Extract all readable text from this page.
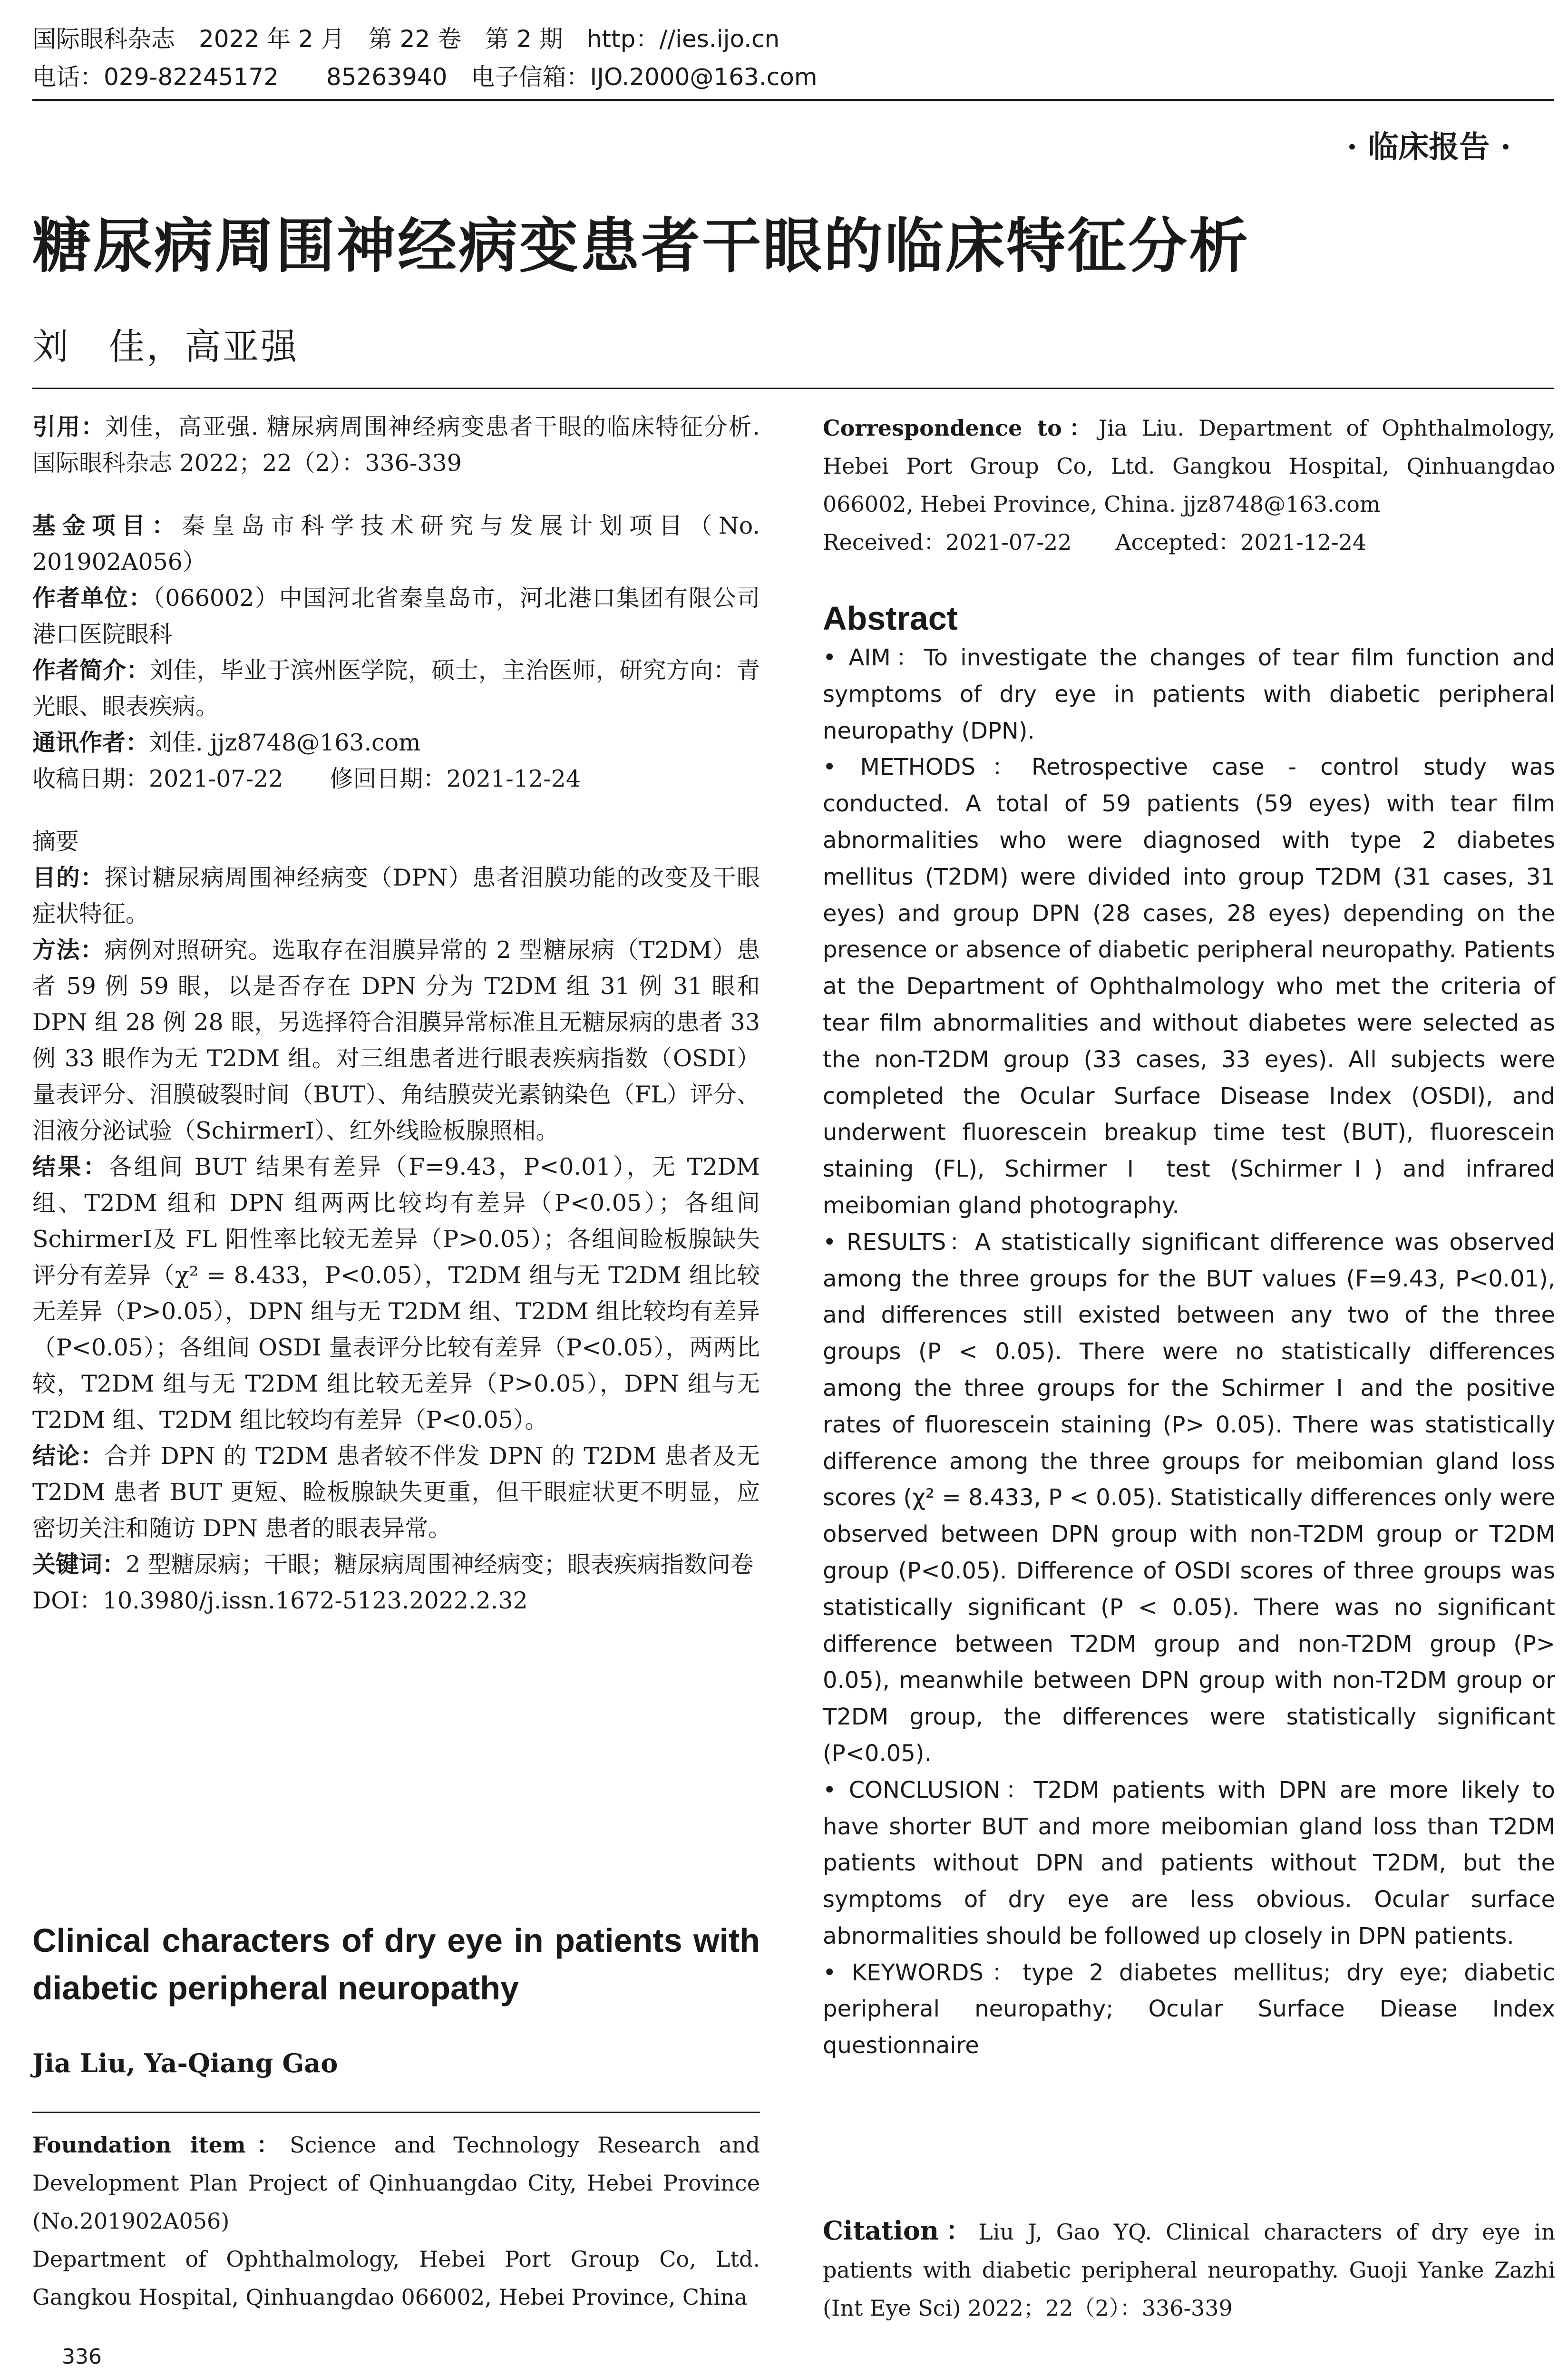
国际眼科杂志　2022 年 2 月　第 22 卷　第 2 期　http：//ies.ijo.cn
电话：029-82245172　　85263940　电子信箱：IJO.2000@163.com
· 临床报告 ·
糖尿病周围神经病变患者干眼的临床特征分析
刘　佳，高亚强

引用：刘佳，高亚强. 糖尿病周围神经病变患者干眼的临床特征分析. 国际眼科杂志 2022；22（2）：336-339

基金项目：秦皇岛市科学技术研究与发展计划项目（No. 201902A056）

作者单位：（066002）中国河北省秦皇岛市，河北港口集团有限公司港口医院眼科

作者简介：刘佳，毕业于滨州医学院，硕士，主治医师，研究方向：青光眼、眼表疾病。

通讯作者：刘佳. jjz8748@163.com

收稿日期：2021-07-22　　修回日期：2021-12-24

摘要

目的：探讨糖尿病周围神经病变（DPN）患者泪膜功能的改变及干眼症状特征。

方法：病例对照研究。选取存在泪膜异常的 2 型糖尿病（T2DM）患者 59 例 59 眼，以是否存在 DPN 分为 T2DM 组 31 例 31 眼和 DPN 组 28 例 28 眼，另选择符合泪膜异常标准且无糖尿病的患者 33 例 33 眼作为无 T2DM 组。对三组患者进行眼表疾病指数（OSDI）量表评分、泪膜破裂时间（BUT）、角结膜荧光素钠染色（FL）评分、泪液分泌试验（SchirmerⅠ）、红外线睑板腺照相。

结果：各组间 BUT 结果有差异（F=9.43，P<0.01），无 T2DM 组、T2DM 组和 DPN 组两两比较均有差异（P<0.05）；各组间 SchirmerⅠ及 FL 阳性率比较无差异（P>0.05）；各组间睑板腺缺失评分有差异（χ² = 8.433，P<0.05），T2DM 组与无 T2DM 组比较无差异（P>0.05），DPN 组与无 T2DM 组、T2DM 组比较均有差异（P<0.05）；各组间 OSDI 量表评分比较有差异（P<0.05），两两比较，T2DM 组与无 T2DM 组比较无差异（P>0.05），DPN 组与无 T2DM 组、T2DM 组比较均有差异（P<0.05）。

结论：合并 DPN 的 T2DM 患者较不伴发 DPN 的 T2DM 患者及无 T2DM 患者 BUT 更短、睑板腺缺失更重，但干眼症状更不明显，应密切关注和随访 DPN 患者的眼表异常。

关键词：2 型糖尿病；干眼；糖尿病周围神经病变；眼表疾病指数问卷

DOI：10.3980/j.issn.1672-5123.2022.2.32

Clinical characters of dry eye in patients with diabetic peripheral neuropathy

Jia Liu, Ya-Qiang Gao

Foundation item：Science and Technology Research and Development Plan Project of Qinhuangdao City, Hebei Province (No.201902A056)

Department of Ophthalmology, Hebei Port Group Co, Ltd. Gangkou Hospital, Qinhuangdao 066002, Hebei Province, China

Correspondence to：Jia Liu. Department of Ophthalmology, Hebei Port Group Co, Ltd. Gangkou Hospital, Qinhuangdao 066002, Hebei Province, China. jjz8748@163.com

Received：2021-07-22　　Accepted：2021-12-24

Abstract

• AIM：To investigate the changes of tear film function and symptoms of dry eye in patients with diabetic peripheral neuropathy (DPN).

• METHODS：Retrospective case - control study was conducted. A total of 59 patients (59 eyes) with tear film abnormalities who were diagnosed with type 2 diabetes mellitus (T2DM) were divided into group T2DM (31 cases, 31 eyes) and group DPN (28 cases, 28 eyes) depending on the presence or absence of diabetic peripheral neuropathy. Patients at the Department of Ophthalmology who met the criteria of tear film abnormalities and without diabetes were selected as the non-T2DM group (33 cases, 33 eyes). All subjects were completed the Ocular Surface Disease Index (OSDI), and underwent fluorescein breakup time test (BUT), fluorescein staining (FL), Schirmer Ⅰ test (SchirmerⅠ) and infrared meibomian gland photography.

• RESULTS：A statistically significant difference was observed among the three groups for the BUT values (F=9.43, P<0.01), and differences still existed between any two of the three groups (P < 0.05). There were no statistically differences among the three groups for the Schirmer Ⅰ and the positive rates of fluorescein staining (P> 0.05). There was statistically difference among the three groups for meibomian gland loss scores (χ² = 8.433, P < 0.05). Statistically differences only were observed between DPN group with non-T2DM group or T2DM group (P<0.05). Difference of OSDI scores of three groups was statistically significant (P < 0.05). There was no significant difference between T2DM group and non-T2DM group (P> 0.05), meanwhile between DPN group with non-T2DM group or T2DM group, the differences were statistically significant (P<0.05).

• CONCLUSION：T2DM patients with DPN are more likely to have shorter BUT and more meibomian gland loss than T2DM patients without DPN and patients without T2DM, but the symptoms of dry eye are less obvious. Ocular surface abnormalities should be followed up closely in DPN patients.

• KEYWORDS：type 2 diabetes mellitus; dry eye; diabetic peripheral neuropathy; Ocular Surface Diease Index questionnaire

Citation：Liu J, Gao YQ. Clinical characters of dry eye in patients with diabetic peripheral neuropathy. Guoji Yanke Zazhi (Int Eye Sci) 2022；22（2）：336-339

336
